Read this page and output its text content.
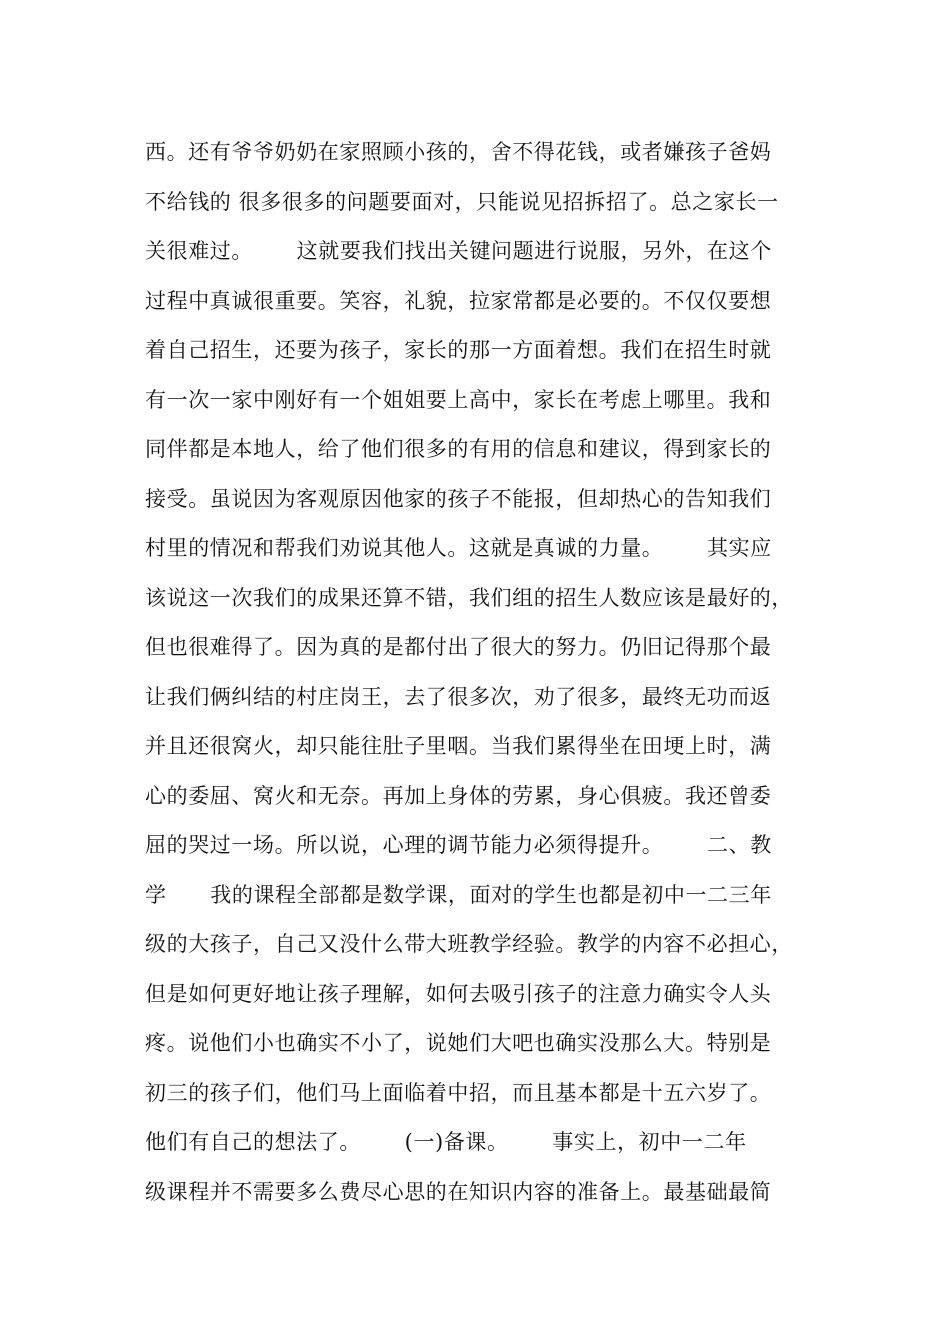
西。还有爷爷奶奶在家照顾小孩的，舍不得花钱，或者嫌孩子爸妈
不给钱的 很多很多的问题要面对，只能说见招拆招了。总之家长一
关很难过。      这就要我们找出关键问题进行说服，另外，在这个
过程中真诚很重要。笑容，礼貌，拉家常都是必要的。不仅仅要想
着自己招生，还要为孩子，家长的那一方面着想。我们在招生时就
有一次一家中刚好有一个姐姐要上高中，家长在考虑上哪里。我和
同伴都是本地人，给了他们很多的有用的信息和建议，得到家长的
接受。虽说因为客观原因他家的孩子不能报，但却热心的告知我们
村里的情况和帮我们劝说其他人。这就是真诚的力量。      其实应
该说这一次我们的成果还算不错，我们组的招生人数应该是最好的，
但也很难得了。因为真的是都付出了很大的努力。仍旧记得那个最
让我们俩纠结的村庄岗王，去了很多次，劝了很多，最终无功而返
并且还很窝火，却只能往肚子里咽。当我们累得坐在田埂上时，满
心的委屈、窝火和无奈。再加上身体的劳累，身心俱疲。我还曾委
屈的哭过一场。所以说，心理的调节能力必须得提升。      二、教
学      我的课程全部都是数学课，面对的学生也都是初中一二三年
级的大孩子，自己又没什么带大班教学经验。教学的内容不必担心，
但是如何更好地让孩子理解，如何去吸引孩子的注意力确实令人头
疼。说他们小也确实不小了，说她们大吧也确实没那么大。特别是
初三的孩子们，他们马上面临着中招，而且基本都是十五六岁了。
他们有自己的想法了。      (一)备课。      事实上，初中一二年
级课程并不需要多么费尽心思的在知识内容的准备上。最基础最简
